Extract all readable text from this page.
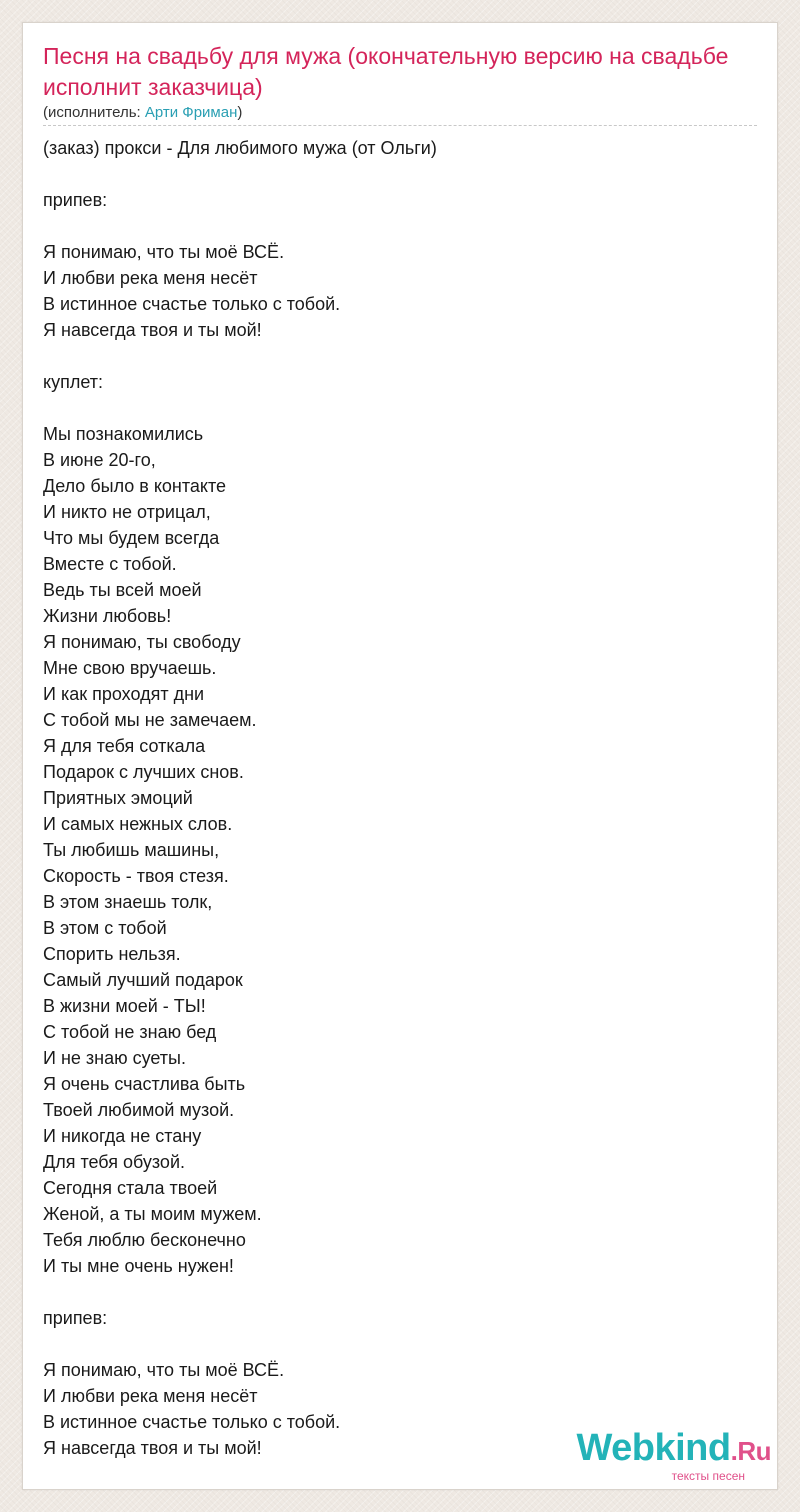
Песня на свадьбу для мужа (окончательную версию на свадьбе исполнит заказчица)
(исполнитель: Арти Фриман)
(заказ) прокси - Для любимого мужа (от Ольги)
припев:
Я понимаю, что ты моё ВСЁ.
И любви река меня несёт
В истинное счастье только с тобой.
Я навсегда твоя и ты мой!
куплет:
Мы познакомились
В июне 20-го,
Дело было в контакте
И никто не отрицал,
Что мы будем всегда
Вместе с тобой.
Ведь ты всей моей
Жизни любовь!
Я понимаю, ты свободу
Мне свою вручаешь.
И как проходят дни
С тобой мы не замечаем.
Я для тебя соткала
Подарок с лучших снов.
Приятных эмоций
И самых нежных слов.
Ты любишь машины,
Скорость - твоя стезя.
В этом знаешь толк,
В этом с тобой
Спорить нельзя.
Самый лучший подарок
В жизни моей - ТЫ!
С тобой не знаю бед
И не знаю суеты.
Я очень счастлива быть
Твоей любимой музой.
И никогда не стану
Для тебя обузой.
Сегодня стала твоей
Женой, а ты моим мужем.
Тебя люблю бесконечно
И ты мне очень нужен!
припев:
Я понимаю, что ты моё ВСЁ.
И любви река меня несёт
В истинное счастье только с тобой.
Я навсегда твоя и ты мой!	Webkind.Ru
тексты песен
